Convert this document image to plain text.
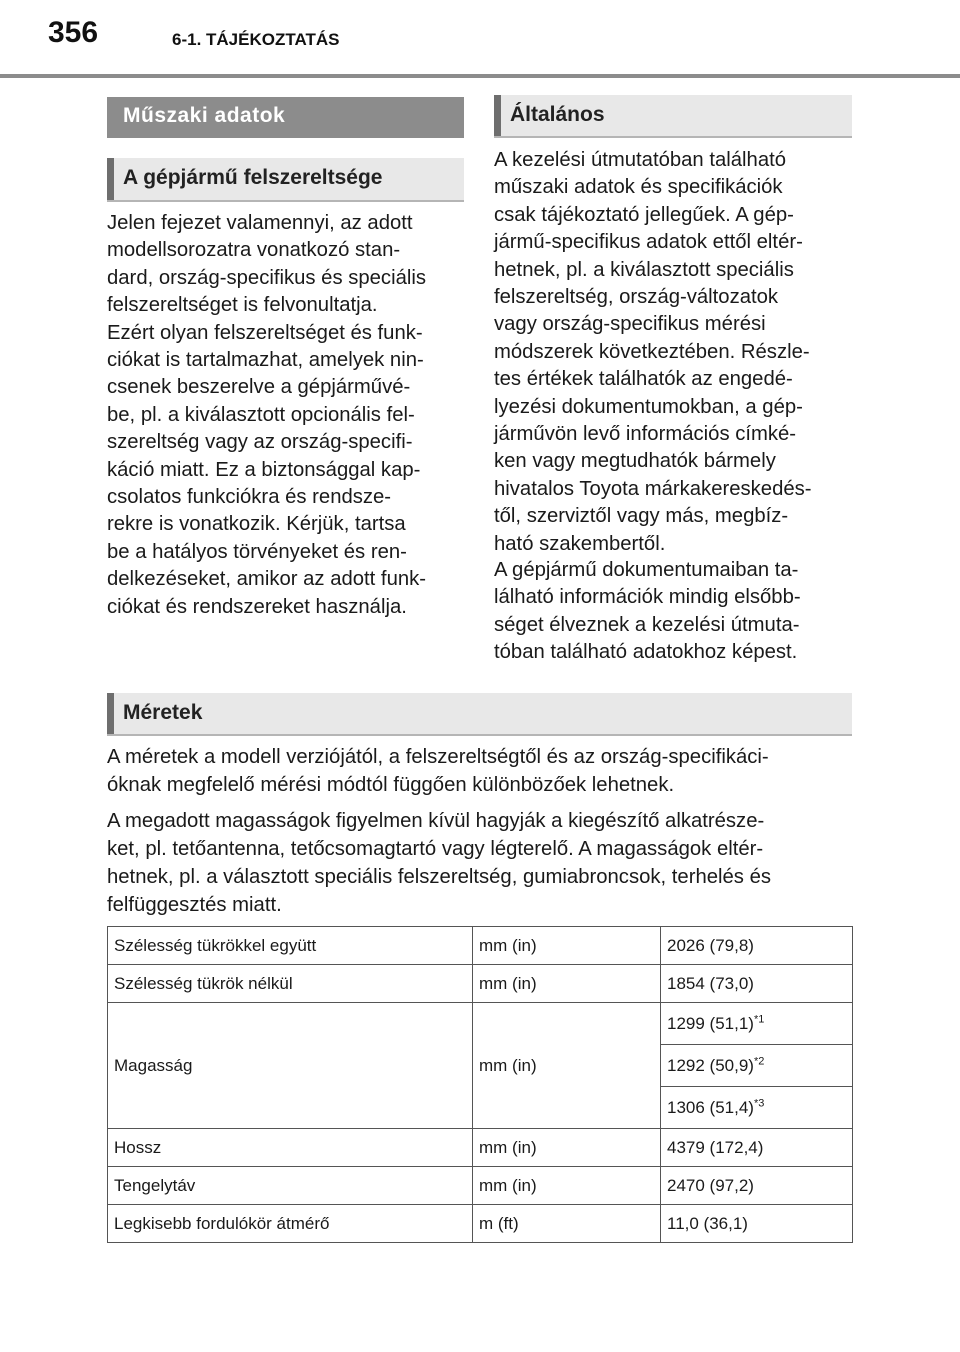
356	6-1. TÁJÉKOZTATÁS
Műszaki adatok
A gépjármű felszereltsége
Jelen fejezet valamennyi, az adott
modellsorozatra vonatkozó stan-
dard, ország-specifikus és speciális
felszereltséget is felvonultatja.
Ezért olyan felszereltséget és funk-
ciókat is tartalmazhat, amelyek nin-
csenek beszerelve a gépjárművé-
be, pl. a kiválasztott opcionális fel-
szereltség vagy az ország-specifi-
káció miatt. Ez a biztonsággal kap-
csolatos funkciókra és rendsze-
rekre is vonatkozik. Kérjük, tartsa
be a hatályos törvényeket és ren-
delkezéseket, amikor az adott funk-
ciókat és rendszereket használja.
Általános
A kezelési útmutatóban található
műszaki adatok és specifikációk
csak tájékoztató jellegűek. A gép-
jármű-specifikus adatok ettől eltér-
hetnek, pl. a kiválasztott speciális
felszereltség, ország-változatok
vagy ország-specifikus mérési
módszerek következtében. Részle-
tes értékek találhatók az engedé-
lyezési dokumentumokban, a gép-
járművön levő információs címké-
ken vagy megtudhatók bármely
hivatalos Toyota márkakereskedés-
től, szerviztől vagy más, megbíz-
ható szakembertől.
A gépjármű dokumentumaiban ta-
lálható információk mindig elsőbb-
séget élveznek a kezelési útmuta-
tóban található adatokhoz képest.
Méretek
A méretek a modell verziójától, a felszereltségtől és az ország-specifikáci-
óknak megfelelő mérési módtól függően különbözőek lehetnek.
A megadott magasságok figyelmen kívül hagyják a kiegészítő alkatrésze-
ket, pl. tetőantenna, tetőcsomagtartó vagy légterelő. A magasságok eltér-
hetnek, pl. a választott speciális felszereltség, gumiabroncsok, terhelés és
felfüggesztés miatt.
Szélesség tükrökkel együtt	mm (in)	2026 (79,8)
Szélesség tükrök nélkül	mm (in)	1854 (73,0)
Magasság	mm (in)	1299 $(51,1)^{*1}$
		1292 $(50,9)^{*2}$
		1306 $(51,4)^{*3}$
Hossz	mm (in)	4379 (172,4)
Tengelytáv	mm (in)	2470 (97,2)
Legkisebb fordulókör átmérő	m (ft)	11,0 (36,1)
